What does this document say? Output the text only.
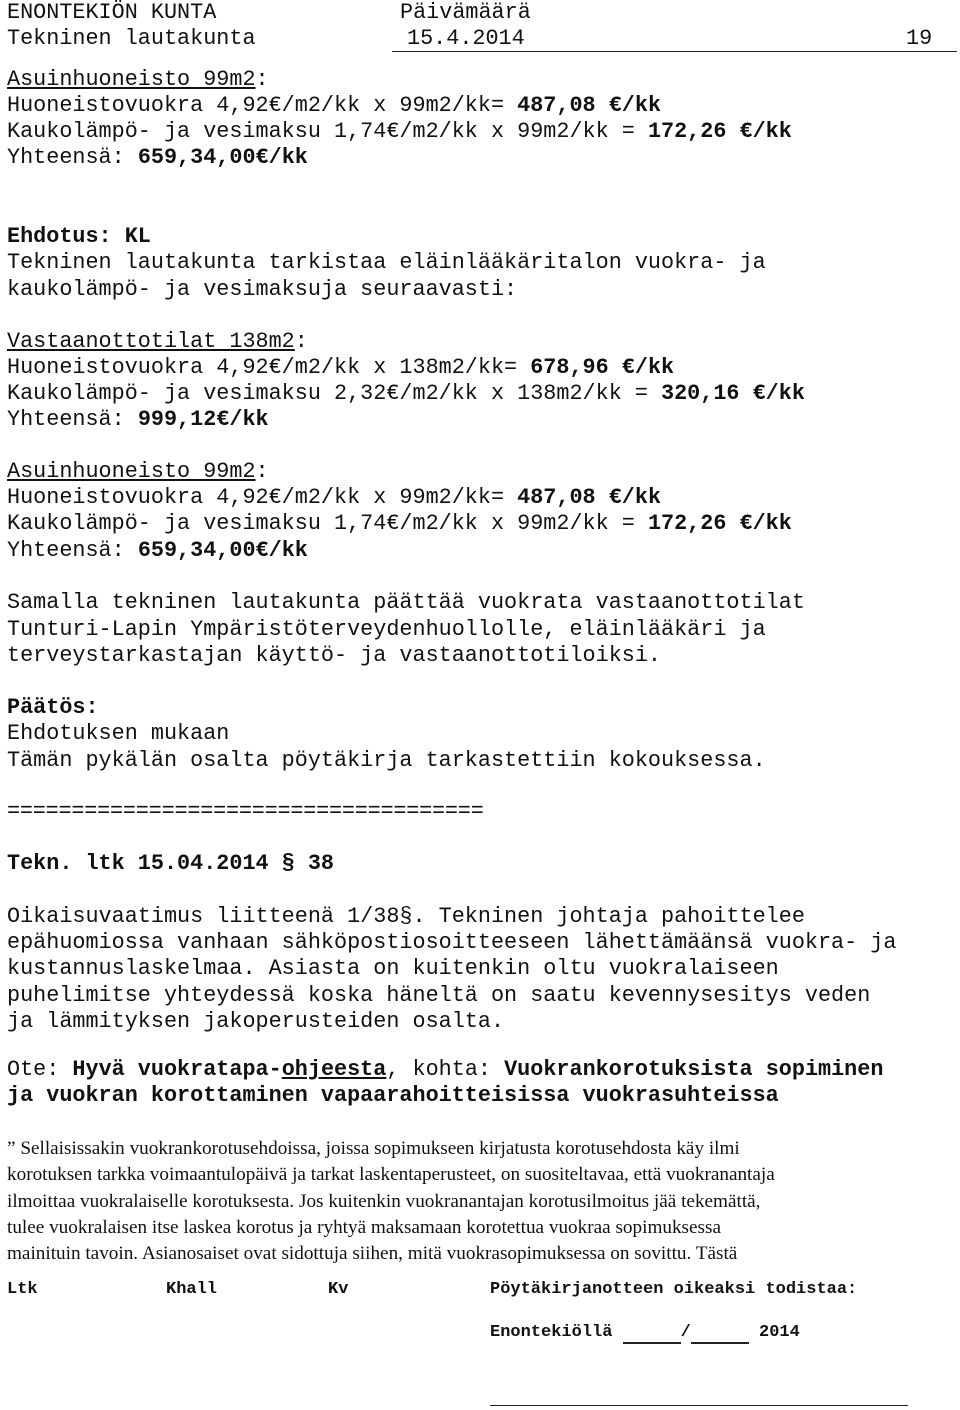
ENONTEKIÖN KUNTA	Päivämäärä
Tekninen lautakunta	15.4.2014	19
Asuinhuoneisto 99m2:
Huoneistovuokra 4,92€/m2/kk x 99m2/kk= 487,08 €/kk
Kaukolämpö- ja vesimaksu 1,74€/m2/kk x 99m2/kk = 172,26 €/kk
Yhteensä: 659,34,00€/kk
Ehdotus: KL
Tekninen lautakunta tarkistaa eläinlääkäritalon vuokra- ja
kaukolämpö- ja vesimaksuja seuraavasti:
Vastaanottotilat 138m2:
Huoneistovuokra 4,92€/m2/kk x 138m2/kk= 678,96 €/kk
Kaukolämpö- ja vesimaksu 2,32€/m2/kk x 138m2/kk = 320,16 €/kk
Yhteensä: 999,12€/kk
Asuinhuoneisto 99m2:
Huoneistovuokra 4,92€/m2/kk x 99m2/kk= 487,08 €/kk
Kaukolämpö- ja vesimaksu 1,74€/m2/kk x 99m2/kk = 172,26 €/kk
Yhteensä: 659,34,00€/kk
Samalla tekninen lautakunta päättää vuokrata vastaanottotilat
Tunturi-Lapin Ympäristöterveydenhuollolle, eläinlääkäri ja
terveystarkastajan käyttö- ja vastaanottotiloiksi.
Päätös:
Ehdotuksen mukaan
Tämän pykälän osalta pöytäkirja tarkastettiin kokouksessa.
=====================================
Tekn. ltk 15.04.2014 § 38
Oikaisuvaatimus liitteenä 1/38§. Tekninen johtaja pahoittelee
epähuomiossa vanhaan sähköpostiosoitteeseen lähettämäänsä vuokra- ja
kustannuslaskelmaa. Asiasta on kuitenkin oltu vuokralaiseen
puhelimitse yhteydessä koska häneltä on saatu kevennysesitys veden
ja lämmityksen jakoperusteiden osalta.
Ote: Hyvä vuokratapa-ohjeesta, kohta: Vuokrankorotuksista sopiminen
ja vuokran korottaminen vapaarahoitteisissa vuokrasuhteissa
” Sellaisissakin vuokrankorotusehdoissa, joissa sopimukseen kirjatusta korotusehdosta käy ilmi
korotuksen tarkka voimaantulopäivä ja tarkat laskentaperusteet, on suositeltavaa, että vuokranantaja
ilmoittaa vuokralaiselle korotuksesta. Jos kuitenkin vuokranantajan korotusilmoitus jää tekemättä,
tulee vuokralaisen itse laskea korotus ja ryhtyä maksamaan korotettua vuokraa sopimuksessa
mainituin tavoin. Asianosaiset ovat sidottuja siihen, mitä vuokrasopimuksessa on sovittu. Tästä
Ltk	Khall	Kv	Pöytäkirjanotteen oikeaksi todistaa:
Enontekiöllä	/	2014
